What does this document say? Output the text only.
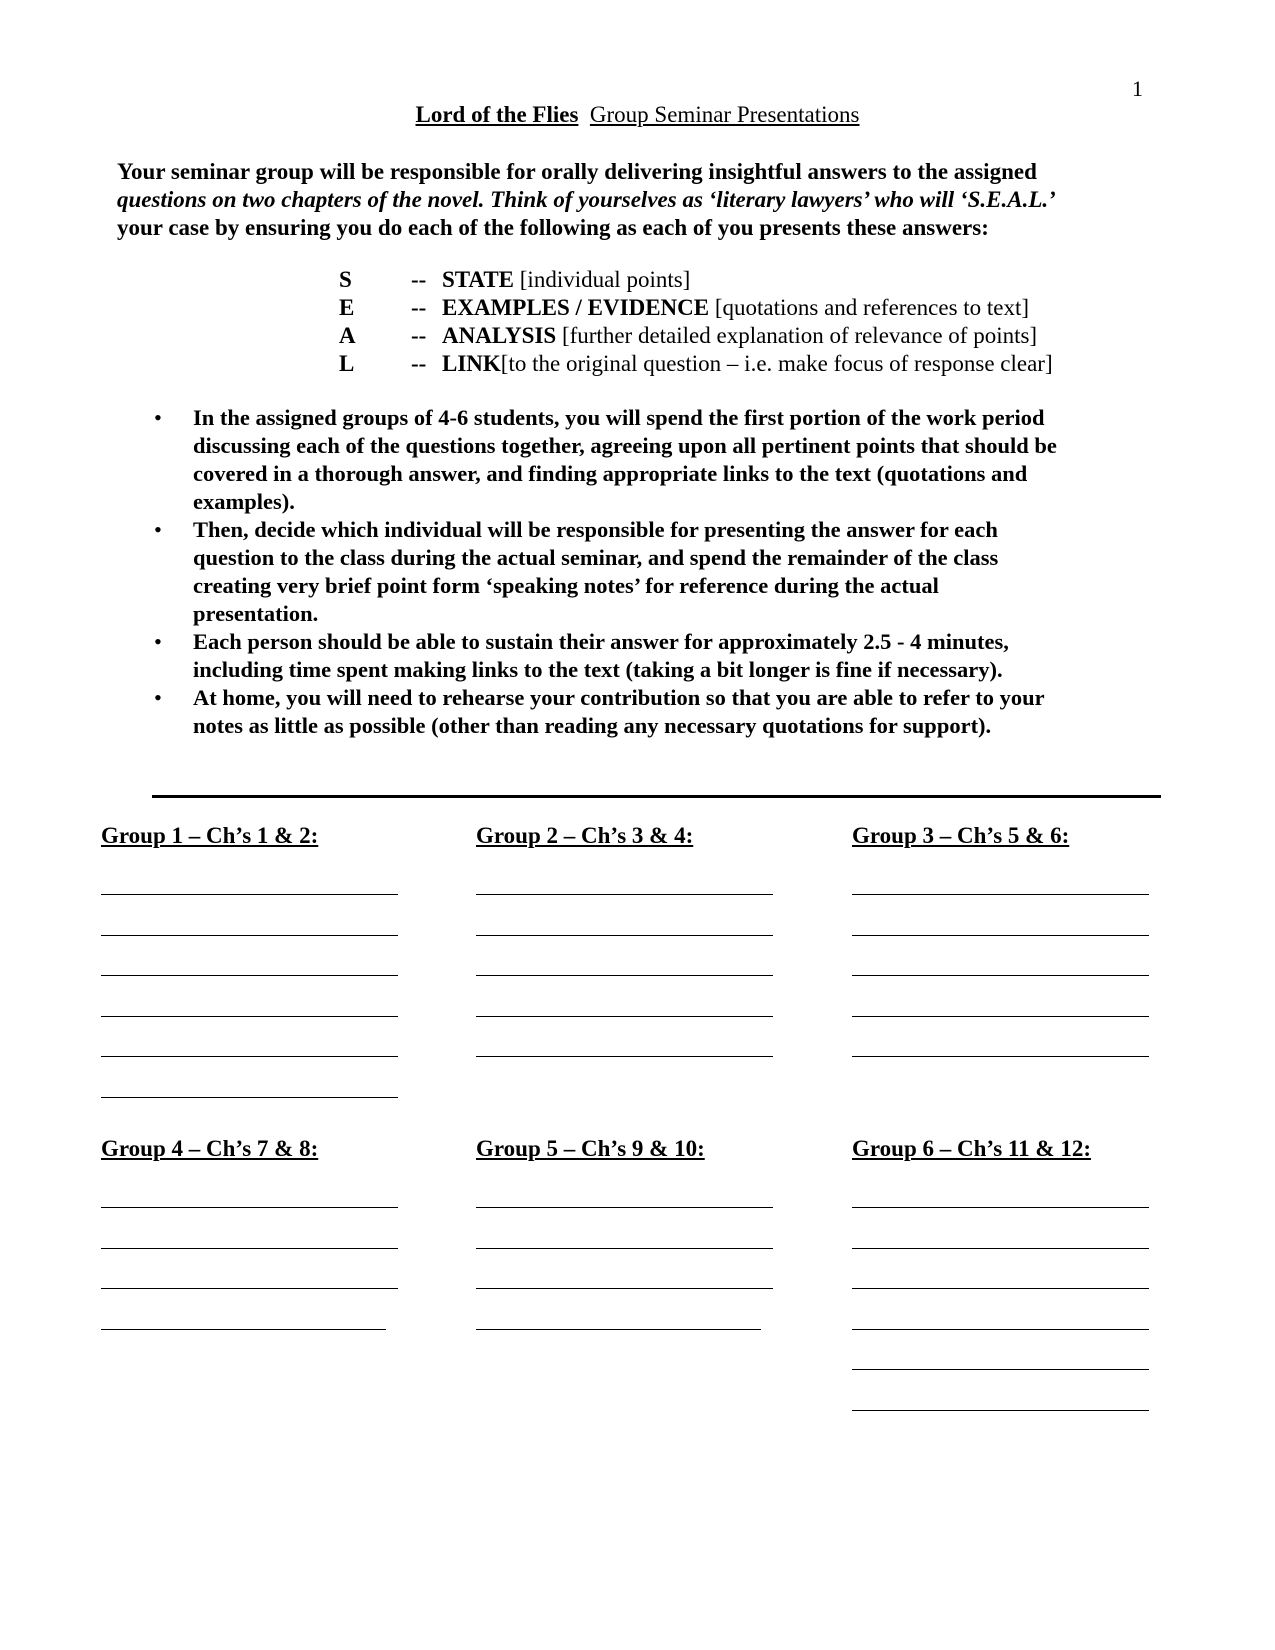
1
Lord of the Flies Group Seminar Presentations
Your seminar group will be responsible for orally delivering insightful answers to the assigned
questions on two chapters of the novel. Think of yourselves as ‘literary lawyers’ who will ‘S.E.A.L.’
your case by ensuring you do each of the following as each of you presents these answers:
S	-- STATE [individual points]
E -- EXAMPLES / EVIDENCE [quotations and references to text]
A -- ANALYSIS [further detailed explanation of relevance of points]
L -- LINK[to the original question – i.e. make focus of response clear]
• In the assigned groups of 4-6 students, you will spend the first portion of the work period
discussing each of the questions together, agreeing upon all pertinent points that should be
covered in a thorough answer, and finding appropriate links to the text (quotations and
examples).
• Then, decide which individual will be responsible for presenting the answer for each
question to the class during the actual seminar, and spend the remainder of the class
creating very brief point form ‘speaking notes’ for reference during the actual
presentation.
• Each person should be able to sustain their answer for approximately 2.5 - 4 minutes,
including time spent making links to the text (taking a bit longer is fine if necessary).
• At home, you will need to rehearse your contribution so that you are able to refer to your
notes as little as possible (other than reading any necessary quotations for support).
Group 1 – Ch’s 1 & 2:	Group 2 – Ch’s 3 & 4:	Group 3 – Ch’s 5 & 6:
Group 4 – Ch’s 7 & 8:	Group 5 – Ch’s 9 & 10:	Group 6 – Ch’s 11 & 12:
